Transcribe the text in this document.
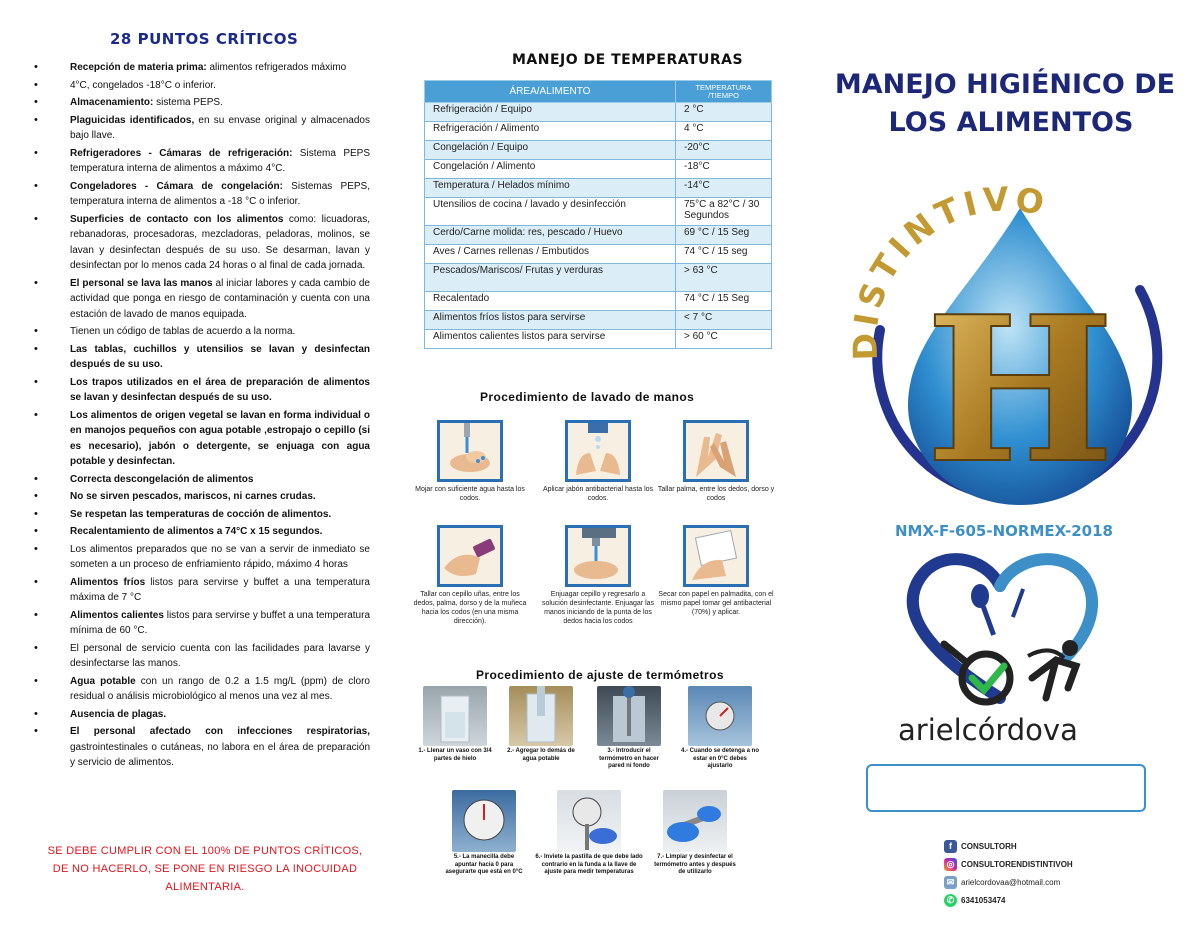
28 PUNTOS CRÍTICOS
• Recepción de materia prima: alimentos refrigerados máximo
• 4°C, congelados -18°C o inferior.
• Almacenamiento: sistema PEPS.
• Plaguicidas identificados, en su envase original y almacenados bajo llave.
• Refrigeradores - Cámaras de refrigeración: Sistema PEPS temperatura interna de alimentos a máximo 4°C.
• Congeladores - Cámara de congelación: Sistemas PEPS, temperatura interna de alimentos a -18 °C o inferior.
• Superficies de contacto con los alimentos como: licuadoras, rebanadoras, procesadoras, mezcladoras, peladoras, molinos, se lavan y desinfectan después de su uso. Se desarman, lavan y desinfectan por lo menos cada 24 horas o al final de cada jornada.
• El personal se lava las manos al iniciar labores y cada cambio de actividad que ponga en riesgo de contaminación y cuenta con una estación de lavado de manos equipada.
• Tienen un código de tablas de acuerdo a la norma.
• Las tablas, cuchillos y utensilios se lavan y desinfectan después de su uso.
• Los trapos utilizados en el área de preparación de alimentos se lavan y desinfectan después de su uso.
• Los alimentos de origen vegetal se lavan en forma individual o en manojos pequeños con agua potable ,estropajo o cepillo (si es necesario), jabón o detergente, se enjuaga con agua potable y desinfectan.
• Correcta descongelación de alimentos
• No se sirven pescados, mariscos, ni carnes crudas.
• Se respetan las temperaturas de cocción de alimentos.
• Recalentamiento de alimentos a 74°C x 15 segundos.
• Los alimentos preparados que no se van a servir de inmediato se someten a un proceso de enfriamiento rápido, máximo 4 horas
• Alimentos fríos listos para servirse y buffet a una temperatura máxima de 7 °C
• Alimentos calientes listos para servirse y buffet a una temperatura mínima de 60 °C.
• El personal de servicio cuenta con las facilidades para lavarse y desinfectarse las manos.
• Agua potable con un rango de 0.2 a 1.5 mg/L (ppm) de cloro residual o análisis microbiológico al menos una vez al mes.
• Ausencia de plagas.
• El personal afectado con infecciones respiratorias, gastrointestinales o cutáneas, no labora en el área de preparación y servicio de alimentos.
SE DEBE CUMPLIR CON EL 100% DE PUNTOS CRÍTICOS, DE NO HACERLO, SE PONE EN RIESGO LA INOCUIDAD ALIMENTARIA.
MANEJO DE TEMPERATURAS
ÁREA/ALIMENTO	TEMPERATURA /TIEMPO
Refrigeración / Equipo	2 °C
Refrigeración / Alimento	4 °C
Congelación / Equipo	-20°C
Congelación / Alimento	-18°C
Temperatura / Helados mínimo	-14°C
Utensilios de cocina / lavado y desinfección	75°C a 82°C / 30 Segundos
Cerdo/Carne molida: res, pescado / Huevo	69 °C / 15 Seg
Aves / Carnes rellenas / Embutidos	74 °C / 15 seg
Pescados/Mariscos/ Frutas y verduras	> 63 °C
Recalentado	74 °C / 15 Seg
Alimentos fríos listos para servirse	< 7 °C
Alimentos calientes listos para servirse	> 60 °C
Procedimiento de lavado de manos
Mojar con suficiente agua hasta los codos.
Aplicar jabón antibacterial hasta los codos.
Tallar palma, entre los dedos, dorso y codos
Tallar con cepillo uñas, entre los dedos, palma, dorso y de la muñeca hacia los codos (en una misma dirección).
Enjuagar cepillo y regresarlo a solución desinfectante. Enjuagar las manos iniciando de la punta de los dedos hacia los codos
Secar con papel en palmadita, con el mismo papel tomar gel antibacterial (70%) y aplicar.
Procedimiento de ajuste de termómetros
1.- Llenar un vaso con 3/4 partes de hielo
2.- Agregar lo demás de agua potable
3.- Introducir el termómetro en hacer pared ni fondo
4.- Cuando se detenga a no estar en 0°C debes ajustarlo
5.- La manecilla debe apuntar hacia 0 para asegurarte que está en 0°C
6.- Inviete la pastilla de que debe lado contrario en la funda a la llave de ajuste para medir temperaturas
7.- Limpiar y desinfectar el termómetro antes y después de utilizarlo
MANEJO HIGIÉNICO DE
LOS ALIMENTOS
DISTINTIVO
H
NMX-F-605-NORMEX-2018
arielcórdova
f	CONSULTORH
◎ CONSULTORENDISTINTIVOH
✉ arielcordovaa@hotmail.com
✆ 6341053474
